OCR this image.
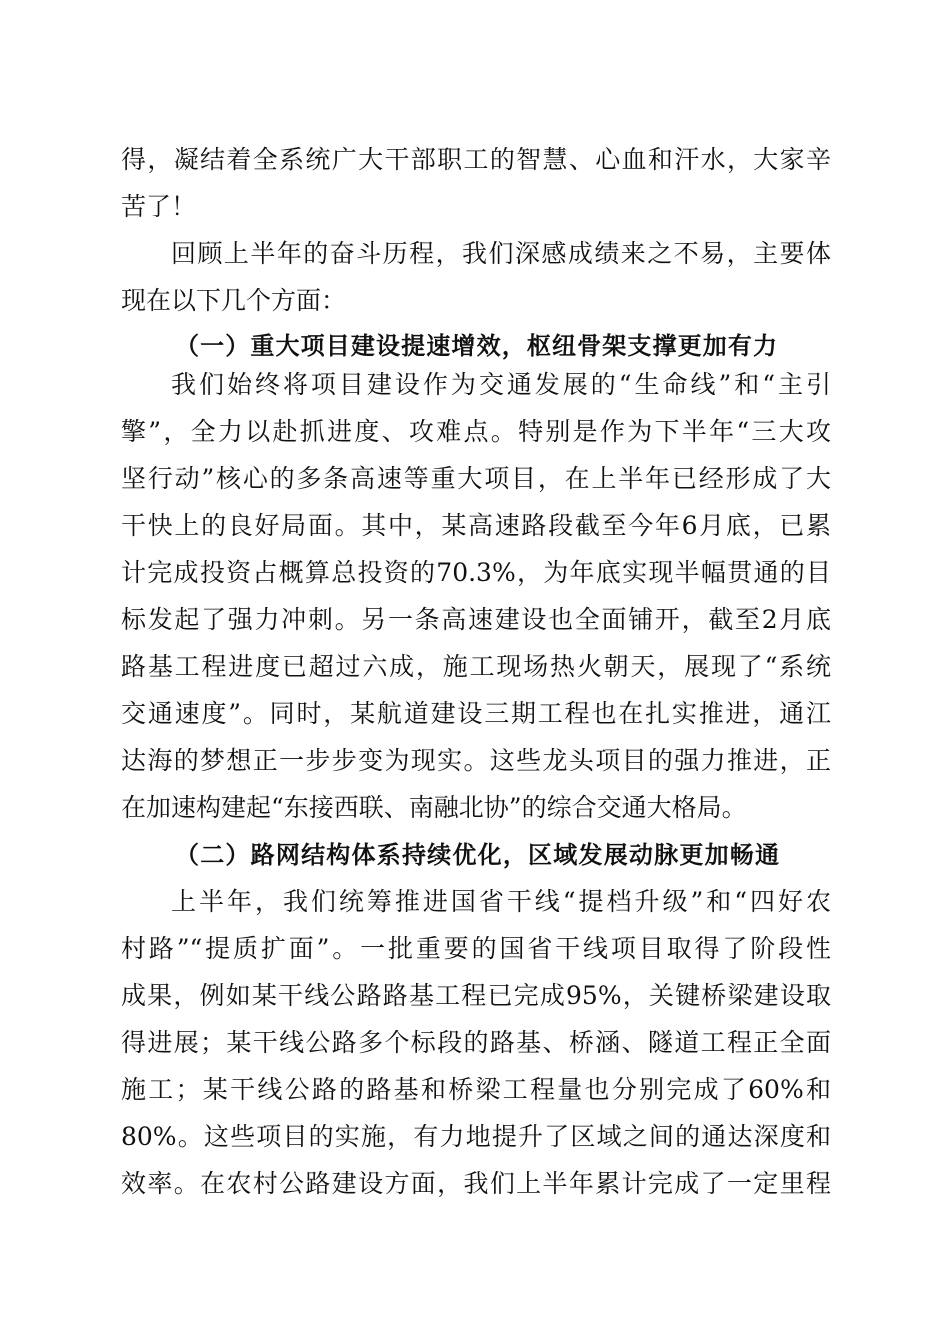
得，凝结着全系统广大干部职工的智慧、心血和汗水，大家辛
苦了！
回顾上半年的奋斗历程，我们深感成绩来之不易，主要体
现在以下几个方面：
（一）重大项目建设提速增效，枢纽骨架支撑更加有力
我们始终将项目建设作为交通发展的“生命线”和“主引
擎”，全力以赴抓进度、攻难点。特别是作为下半年“三大攻
坚行动”核心的多条高速等重大项目，在上半年已经形成了大
干快上的良好局面。其中，某高速路段截至今年6月底，已累
计完成投资占概算总投资的70.3%，为年底实现半幅贯通的目
标发起了强力冲刺。另一条高速建设也全面铺开，截至2月底
路基工程进度已超过六成，施工现场热火朝天，展现了“系统
交通速度”。同时，某航道建设三期工程也在扎实推进，通江
达海的梦想正一步步变为现实。这些龙头项目的强力推进，正
在加速构建起“东接西联、南融北协”的综合交通大格局。
（二）路网结构体系持续优化，区域发展动脉更加畅通
上半年，我们统筹推进国省干线“提档升级”和“四好农
村路”“提质扩面”。一批重要的国省干线项目取得了阶段性
成果，例如某干线公路路基工程已完成95%，关键桥梁建设取
得进展；某干线公路多个标段的路基、桥涵、隧道工程正全面
施工；某干线公路的路基和桥梁工程量也分别完成了60%和
80%。这些项目的实施，有力地提升了区域之间的通达深度和
效率。在农村公路建设方面，我们上半年累计完成了一定里程
